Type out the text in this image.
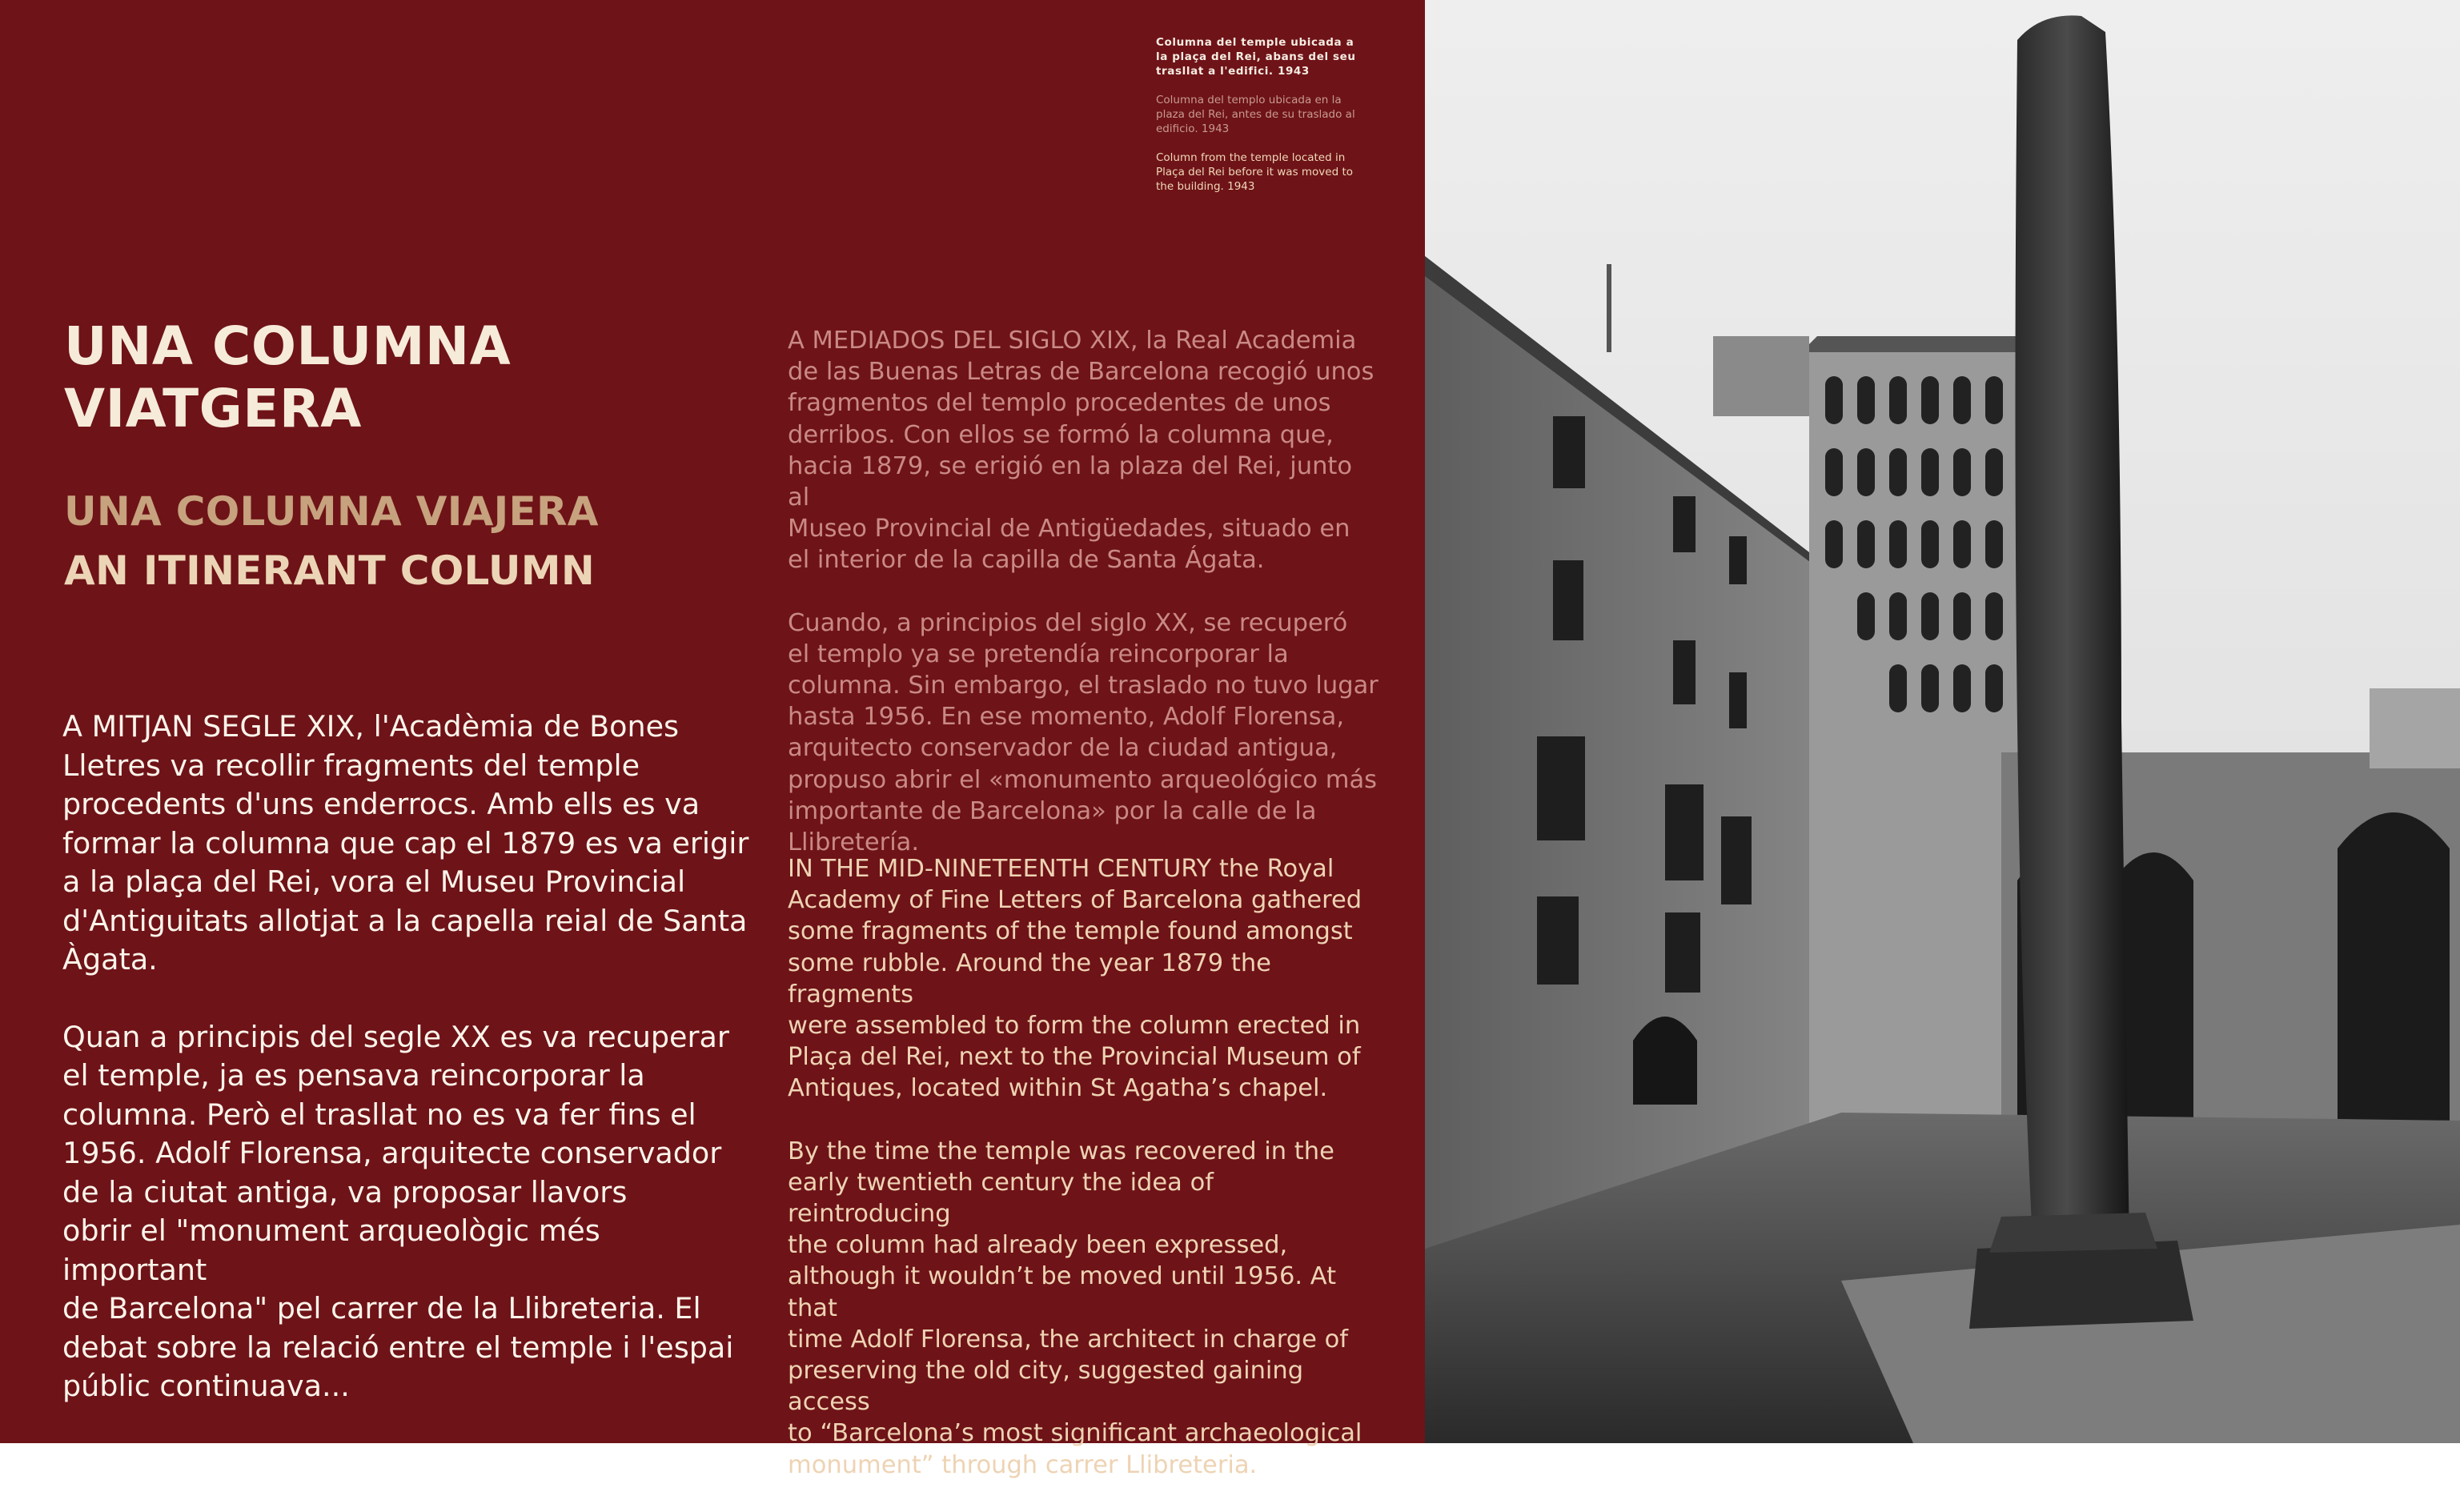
Columna del temple ubicada a la plaça del Rei, abans del seu trasllat a l'edifici. 1943

Columna del templo ubicada en la plaza del Rei, antes de su traslado al edificio. 1943

Column from the temple located in Plaça del Rei before it was moved to the building. 1943

UNA COLUMNA
VIATGERA
UNA COLUMNA VIAJERA
AN ITINERANT COLUMN

A MITJAN SEGLE XIX, l'Acadèmia de Bones
Lletres va recollir fragments del temple
procedents d'uns enderrocs. Amb ells es va
formar la columna que cap el 1879 es va erigir
a la plaça del Rei, vora el Museu Provincial
d'Antiguitats allotjat a la capella reial de Santa
Àgata.

Quan a principis del segle XX es va recuperar
el temple, ja es pensava reincorporar la
columna. Però el trasllat no es va fer fins el
1956. Adolf Florensa, arquitecte conservador
de la ciutat antiga, va proposar llavors
obrir el "monument arqueològic més important
de Barcelona" pel carrer de la Llibreteria. El
debat sobre la relació entre el temple i l'espai
públic continuava...

A MEDIADOS DEL SIGLO XIX, la Real Academia
de las Buenas Letras de Barcelona recogió unos
fragmentos del templo procedentes de unos
derribos. Con ellos se formó la columna que,
hacia 1879, se erigió en la plaza del Rei, junto al
Museo Provincial de Antigüedades, situado en
el interior de la capilla de Santa Ágata.

Cuando, a principios del siglo XX, se recuperó
el templo ya se pretendía reincorporar la
columna. Sin embargo, el traslado no tuvo lugar
hasta 1956. En ese momento, Adolf Florensa,
arquitecto conservador de la ciudad antigua,
propuso abrir el «monumento arqueológico más
importante de Barcelona» por la calle de la
Llibretería.

IN THE MID-NINETEENTH CENTURY the Royal
Academy of Fine Letters of Barcelona gathered
some fragments of the temple found amongst
some rubble. Around the year 1879 the fragments
were assembled to form the column erected in
Plaça del Rei, next to the Provincial Museum of
Antiques, located within St Agatha’s chapel.

By the time the temple was recovered in the
early twentieth century the idea of reintroducing
the column had already been expressed,
although it wouldn’t be moved until 1956. At that
time Adolf Florensa, the architect in charge of
preserving the old city, suggested gaining access
to “Barcelona’s most significant archaeological
monument” through carrer Llibreteria.
